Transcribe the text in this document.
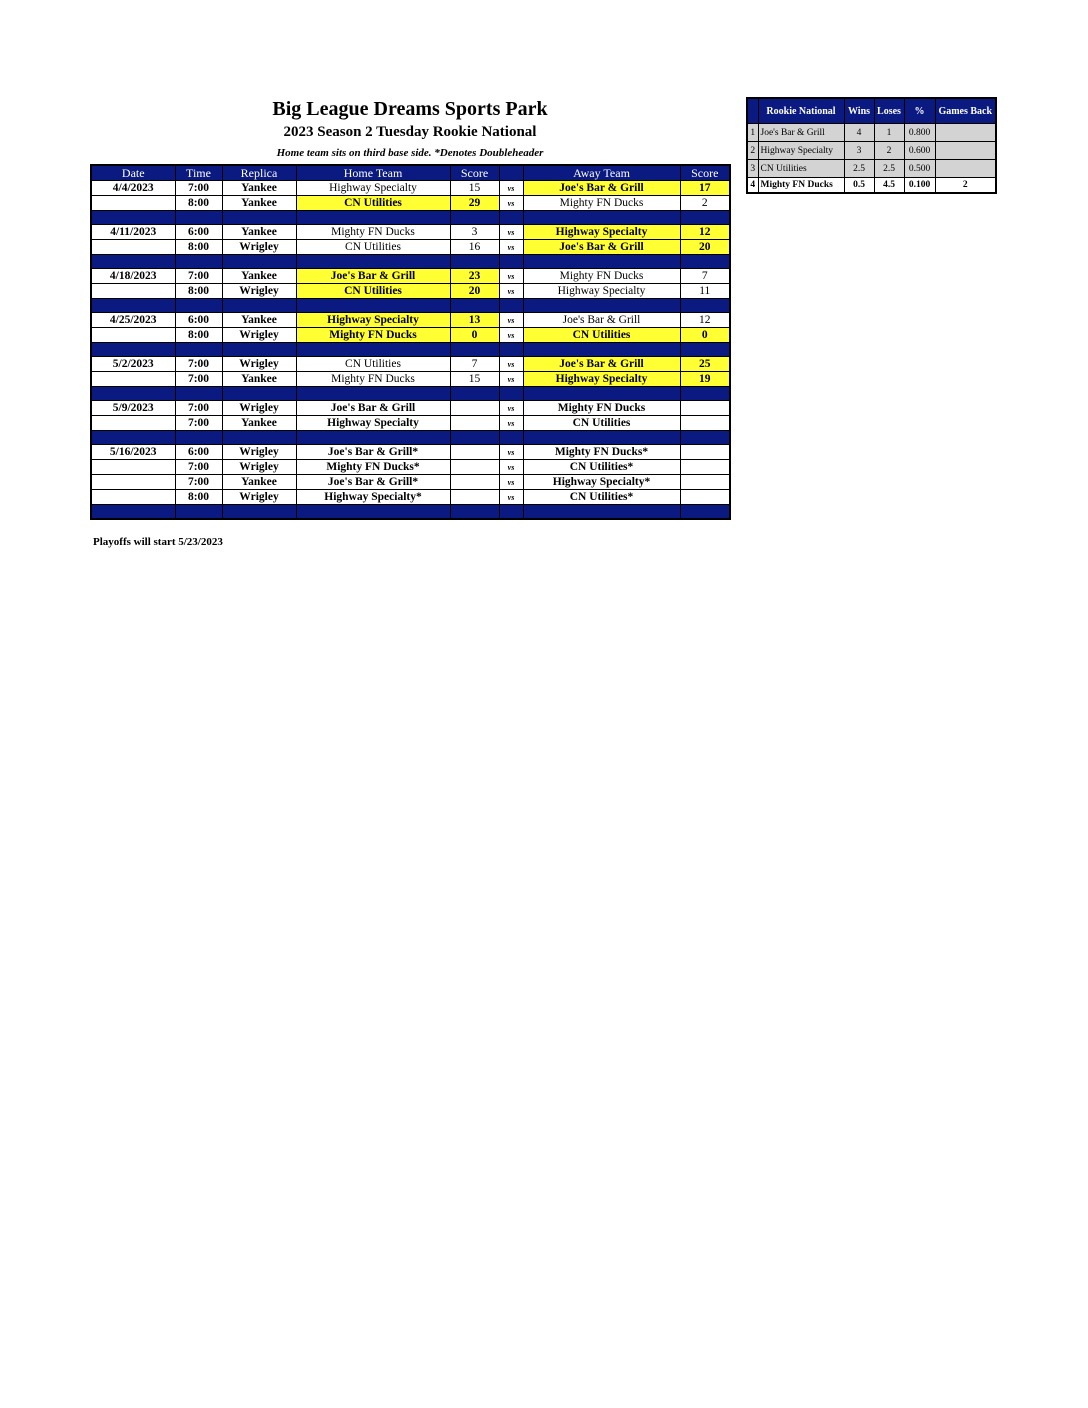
Big League Dreams Sports Park
2023 Season 2 Tuesday Rookie National
Home team sits on third base side. *Denotes Doubleheader
Date	Time	Replica	Home Team	Score		Away Team	Score
4/4/2023	7:00	Yankee	Highway Specialty	15	vs	Joe's Bar & Grill	17
	8:00	Yankee	CN Utilities	29	vs	Mighty FN Ducks	2

4/11/2023	6:00	Yankee	Mighty FN Ducks	3	vs	Highway Specialty	12
	8:00	Wrigley	CN Utilities	16	vs	Joe's Bar & Grill	20

4/18/2023	7:00	Yankee	Joe's Bar & Grill	23	vs	Mighty FN Ducks	7
	8:00	Wrigley	CN Utilities	20	vs	Highway Specialty	11

4/25/2023	6:00	Yankee	Highway Specialty	13	vs	Joe's Bar & Grill	12
	8:00	Wrigley	Mighty FN Ducks	0	vs	CN Utilities	0

5/2/2023	7:00	Wrigley	CN Utilities	7	vs	Joe's Bar & Grill	25
	7:00	Yankee	Mighty FN Ducks	15	vs	Highway Specialty	19

5/9/2023	7:00	Wrigley	Joe's Bar & Grill		vs	Mighty FN Ducks	
	7:00	Yankee	Highway Specialty		vs	CN Utilities	

5/16/2023	6:00	Wrigley	Joe's Bar & Grill*		vs	Mighty FN Ducks*	
	7:00	Wrigley	Mighty FN Ducks*		vs	CN Utilities*	
	7:00	Yankee	Joe's Bar & Grill*		vs	Highway Specialty*	
	8:00	Wrigley	Highway Specialty*		vs	CN Utilities*	

Playoffs will start 5/23/2023
	Rookie National	Wins	Loses	%	Games Back
1	Joe's Bar & Grill	4	1	0.800	
2	Highway Specialty	3	2	0.600	
3	CN Utilities	2.5	2.5	0.500	
4	Mighty FN Ducks	0.5	4.5	0.100	2
